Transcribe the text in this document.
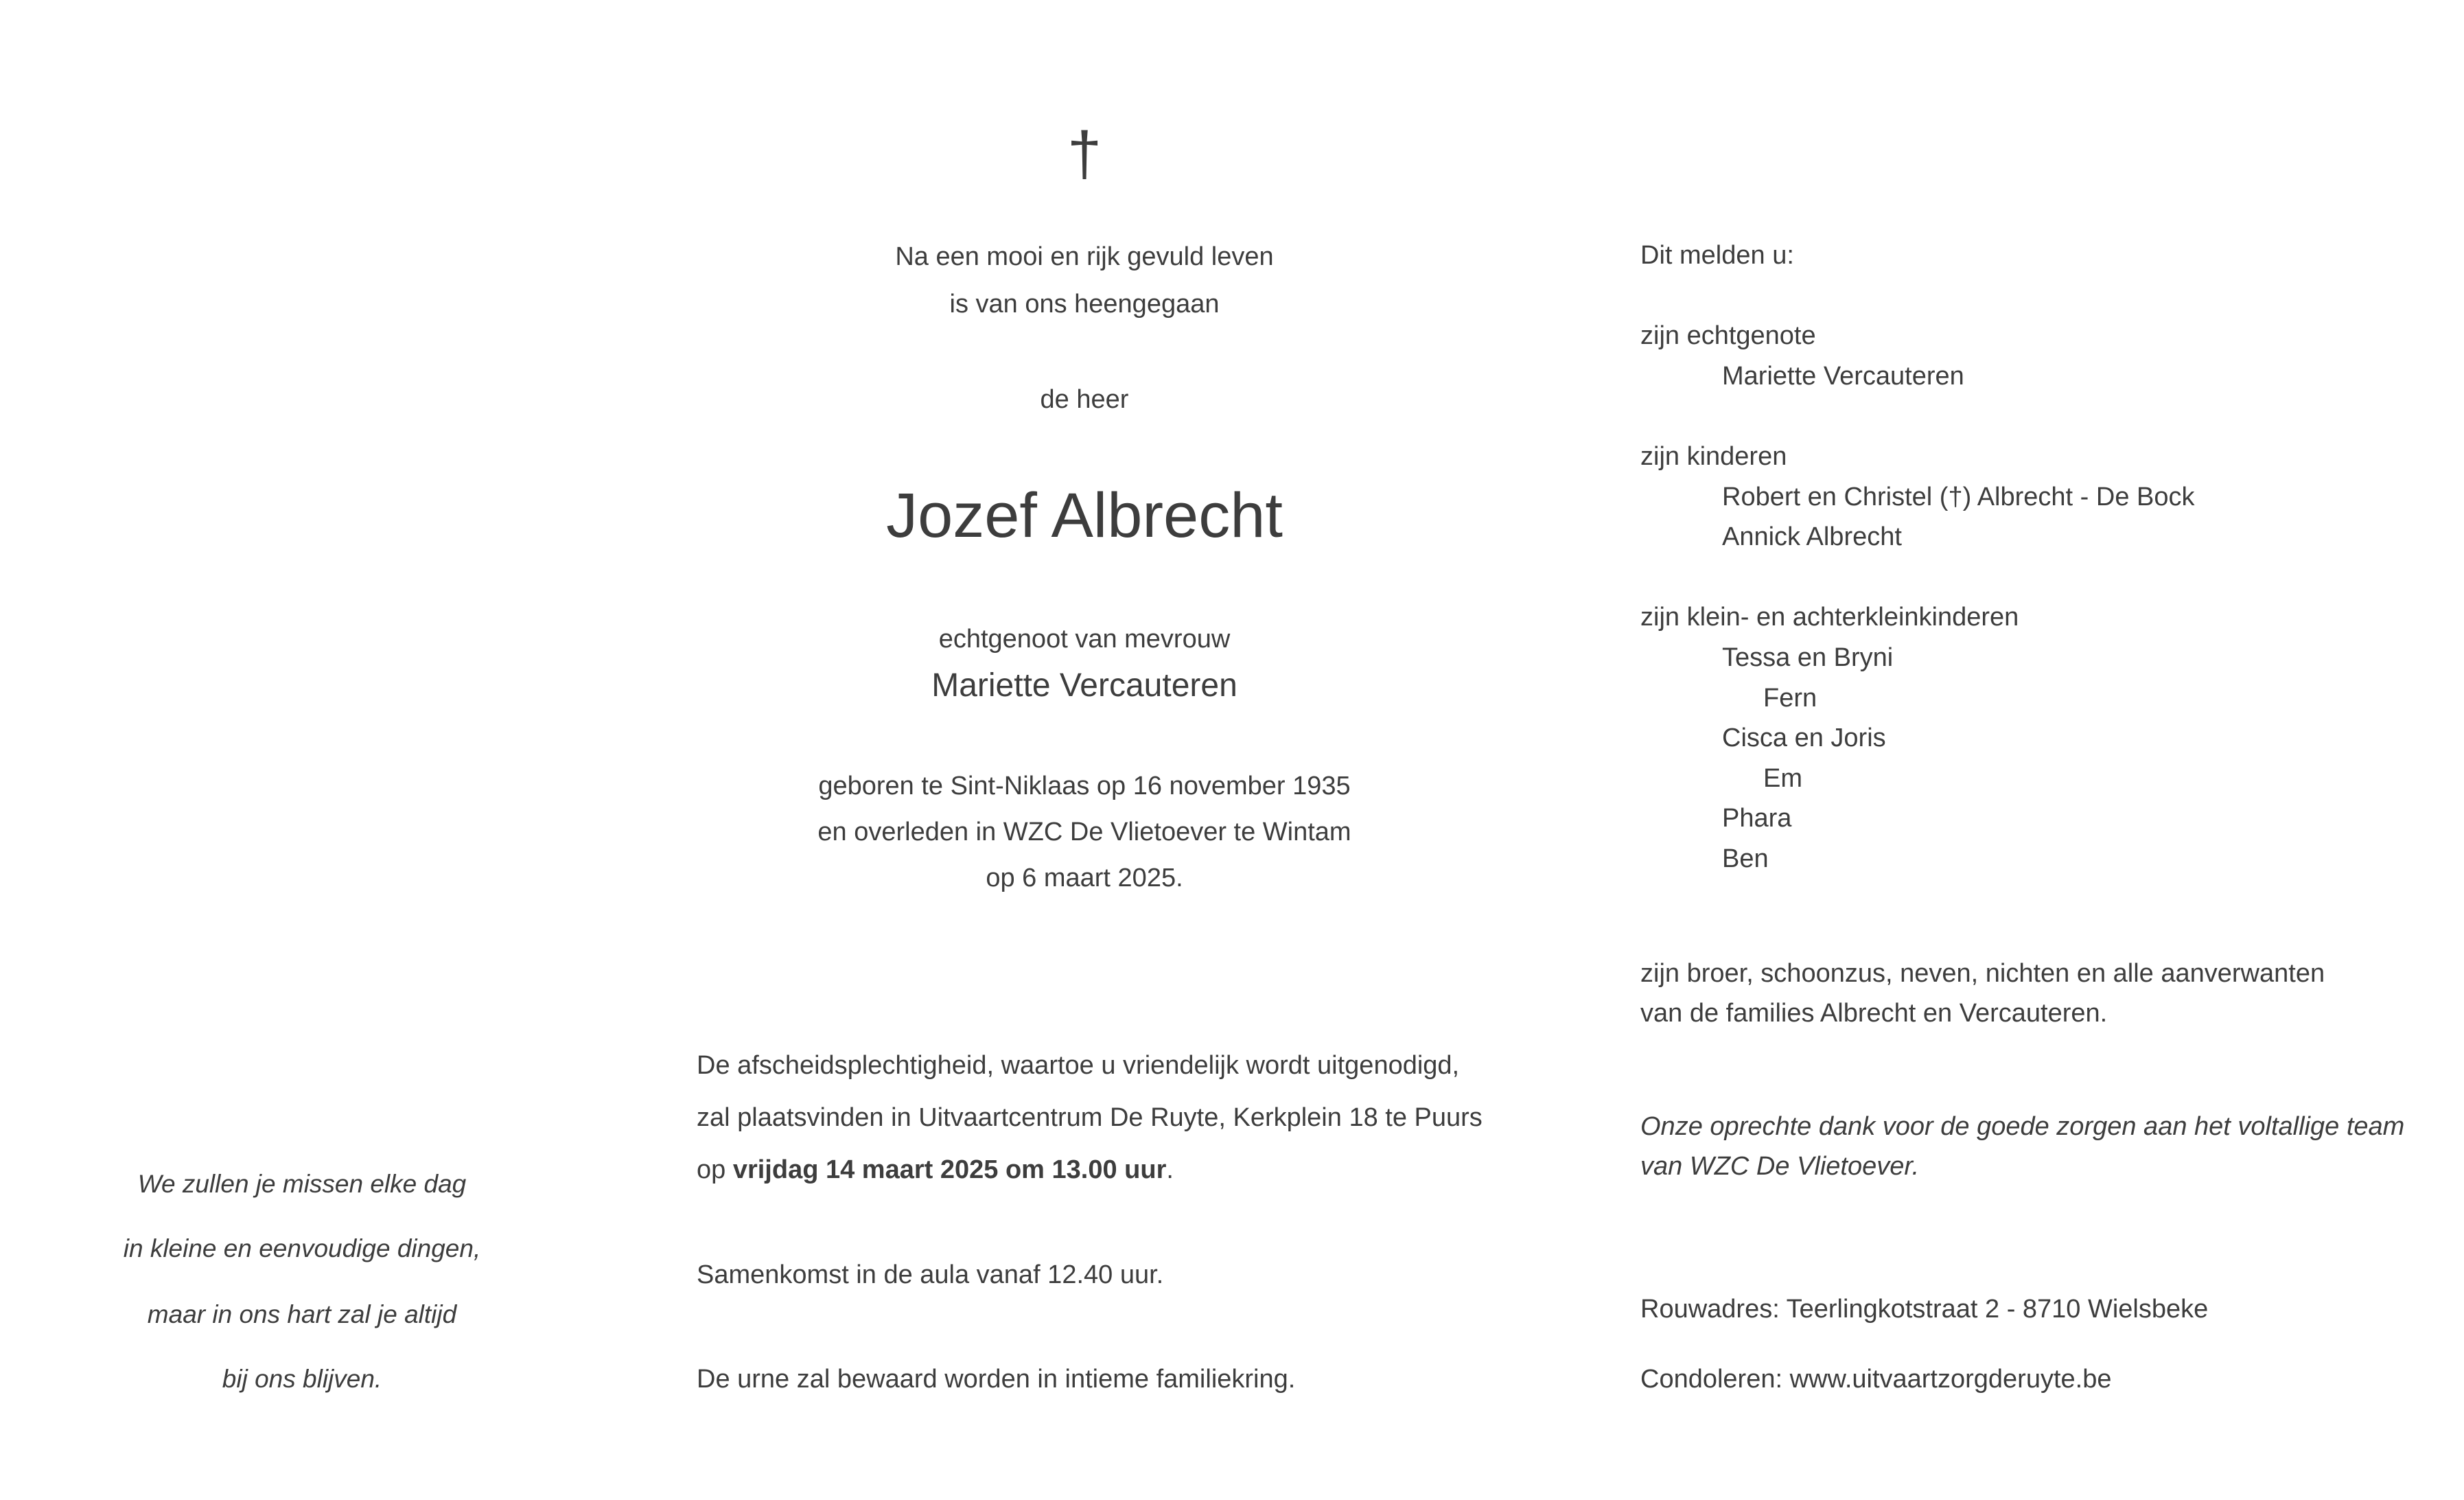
†
Na een mooi en rijk gevuld leven
is van ons heengegaan
de heer
Jozef Albrecht
echtgenoot van mevrouw
Mariette Vercauteren
geboren te Sint-Niklaas op 16 november 1935
en overleden in WZC De Vlietoever te Wintam
op 6 maart 2025.
We zullen je missen elke dag
in kleine en eenvoudige dingen,
maar in ons hart zal je altijd
bij ons blijven.
De afscheidsplechtigheid, waartoe u vriendelijk wordt uitgenodigd,
zal plaatsvinden in Uitvaartcentrum De Ruyte, Kerkplein 18 te Puurs
op vrijdag 14 maart 2025 om 13.00 uur.
Samenkomst in de aula vanaf 12.40 uur.
De urne zal bewaard worden in intieme familiekring.
Dit melden u:
zijn echtgenote
Mariette Vercauteren
zijn kinderen
Robert en Christel (†) Albrecht - De Bock
Annick Albrecht
zijn klein- en achterkleinkinderen
Tessa en Bryni
Fern
Cisca en Joris
Em
Phara
Ben
zijn broer, schoonzus, neven, nichten en alle aanverwanten
van de families Albrecht en Vercauteren.
Onze oprechte dank voor de goede zorgen aan het voltallige team
van WZC De Vlietoever.
Rouwadres: Teerlingkotstraat 2 - 8710 Wielsbeke
Condoleren: www.uitvaartzorgderuyte.be
